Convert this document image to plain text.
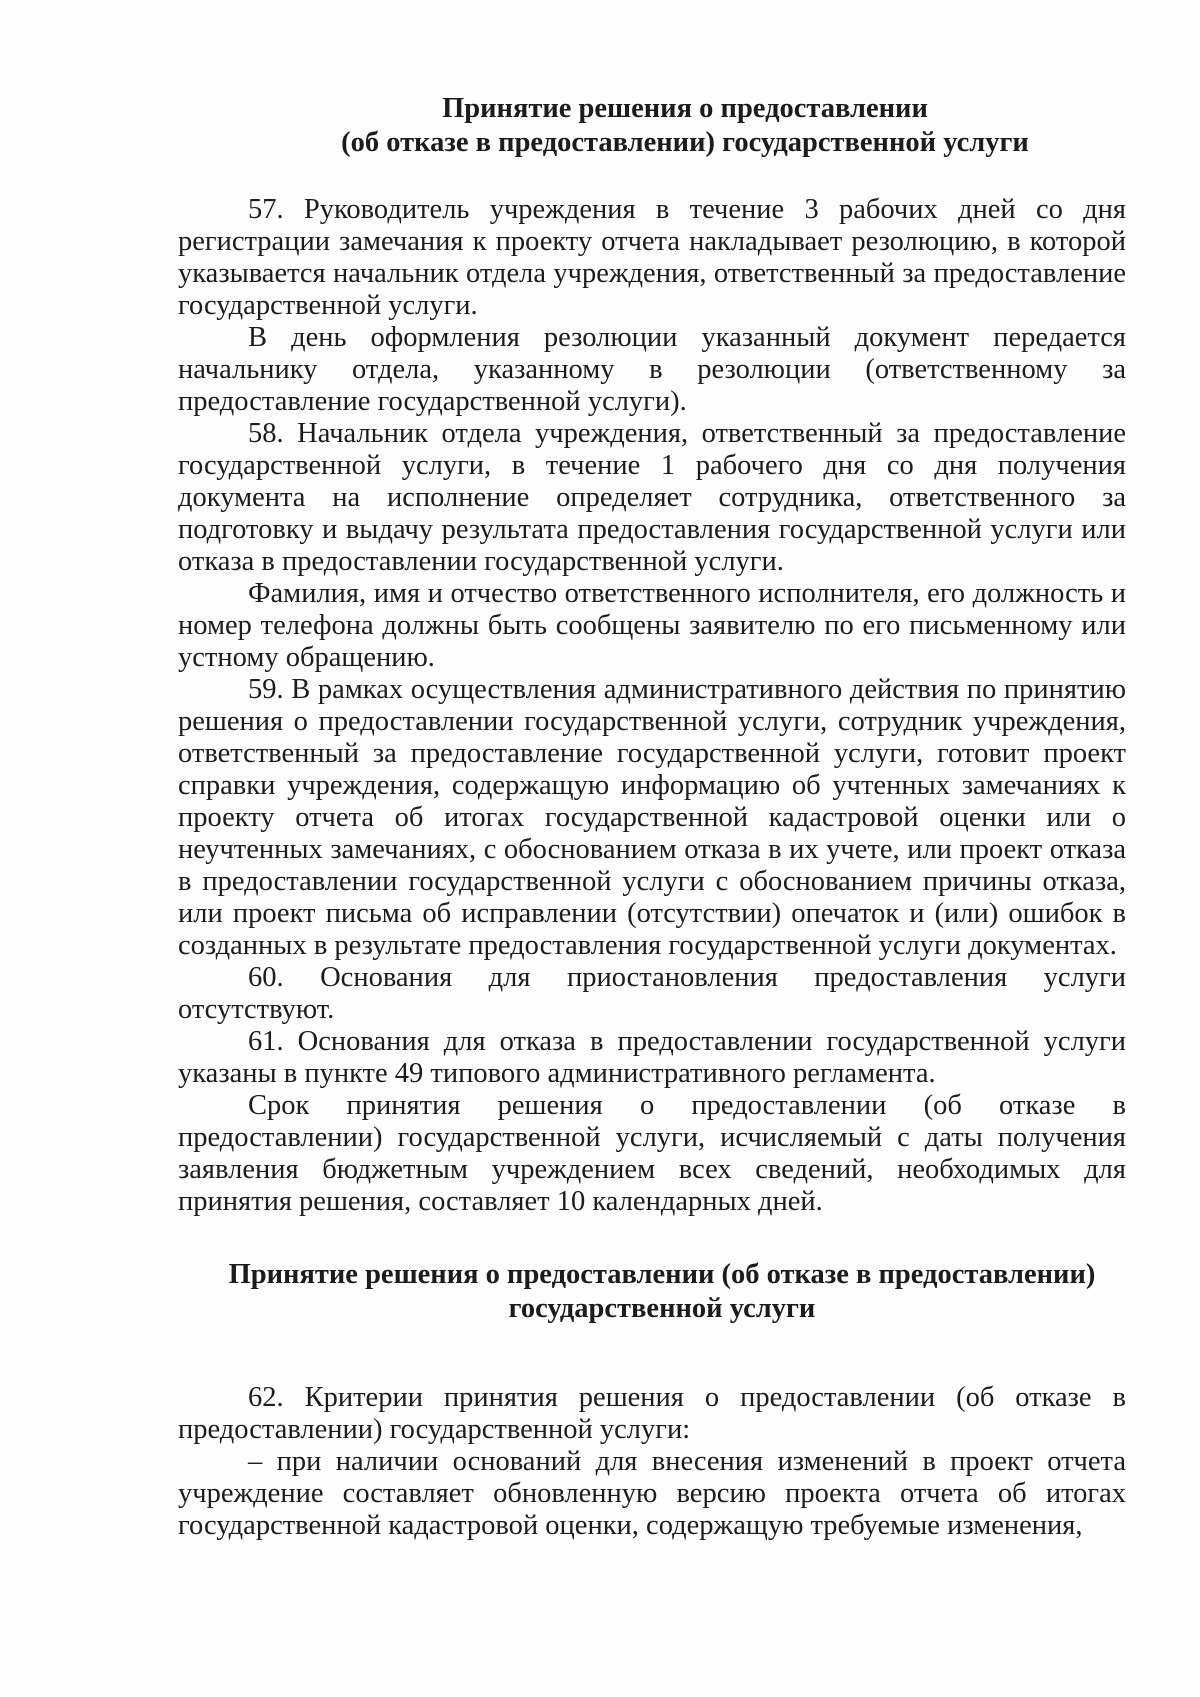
Принятие решения о предоставлении
(об отказе в предоставлении) государственной услуги

57. Руководитель учреждения в течение 3 рабочих дней со дня регистрации замечания к проекту отчета накладывает резолюцию, в которой указывается начальник отдела учреждения, ответственный за предоставление государственной услуги.

В день оформления резолюции указанный документ передается начальнику отдела, указанному в резолюции (ответственному за предоставление государственной услуги).

58. Начальник отдела учреждения, ответственный за предоставление государственной услуги, в течение 1 рабочего дня со дня получения документа на исполнение определяет сотрудника, ответственного за подготовку и выдачу результата предоставления государственной услуги или отказа в предоставлении государственной услуги.

Фамилия, имя и отчество ответственного исполнителя, его должность и номер телефона должны быть сообщены заявителю по его письменному или устному обращению.

59. В рамках осуществления административного действия по принятию решения о предоставлении государственной услуги, сотрудник учреждения, ответственный за предоставление государственной услуги, готовит проект справки учреждения, содержащую информацию об учтенных замечаниях к проекту отчета об итогах государственной кадастровой оценки или о неучтенных замечаниях, с обоснованием отказа в их учете, или проект отказа в предоставлении государственной услуги с обоснованием причины отказа, или проект письма об исправлении (отсутствии) опечаток и (или) ошибок в созданных в результате предоставления государственной услуги документах.

60. Основания для приостановления предоставления услуги отсутствуют.

61. Основания для отказа в предоставлении государственной услуги указаны в пункте 49 типового административного регламента.

Срок принятия решения о предоставлении (об отказе в предоставлении) государственной услуги, исчисляемый с даты получения заявления бюджетным учреждением всех сведений, необходимых для принятия решения, составляет 10 календарных дней.

Принятие решения о предоставлении (об отказе в предоставлении)
государственной услуги

62. Критерии принятия решения о предоставлении (об отказе в предоставлении) государственной услуги:

– при наличии оснований для внесения изменений в проект отчета учреждение составляет обновленную версию проекта отчета об итогах государственной кадастровой оценки, содержащую требуемые изменения,
